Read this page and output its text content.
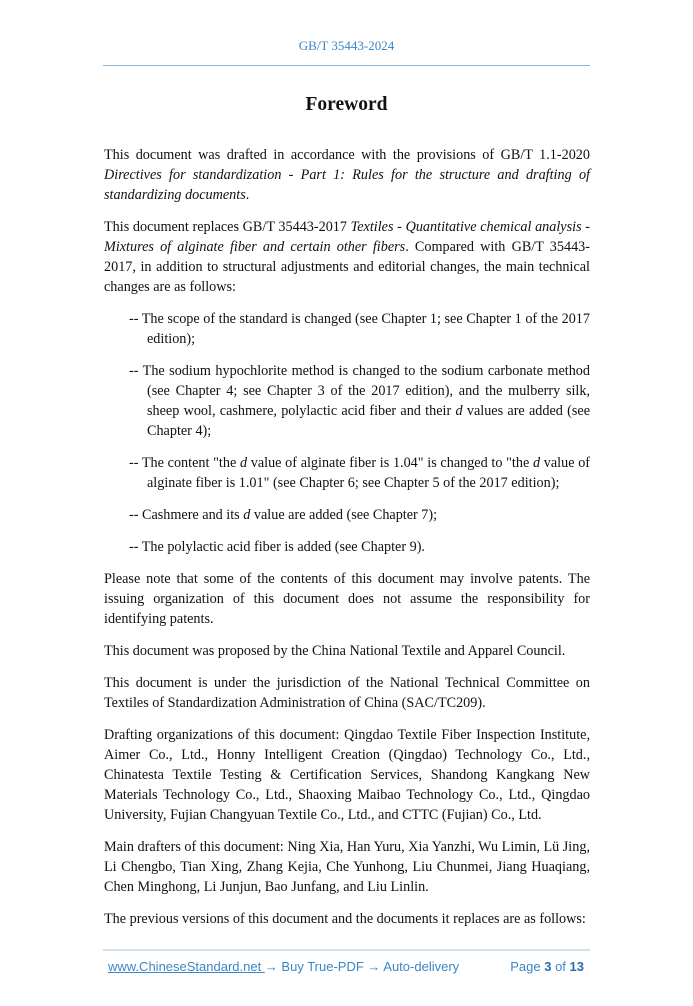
GB/T 35443-2024
Foreword

This document was drafted in accordance with the provisions of GB/T 1.1-2020 Directives for standardization - Part 1: Rules for the structure and drafting of standardizing documents.

This document replaces GB/T 35443-2017 Textiles - Quantitative chemical analysis - Mixtures of alginate fiber and certain other fibers. Compared with GB/T 35443-2017, in addition to structural adjustments and editorial changes, the main technical changes are as follows:

-- The scope of the standard is changed (see Chapter 1; see Chapter 1 of the 2017 edition);

-- The sodium hypochlorite method is changed to the sodium carbonate method (see Chapter 4; see Chapter 3 of the 2017 edition), and the mulberry silk, sheep wool, cashmere, polylactic acid fiber and their d values are added (see Chapter 4);

-- The content "the d value of alginate fiber is 1.04" is changed to "the d value of alginate fiber is 1.01" (see Chapter 6; see Chapter 5 of the 2017 edition);

-- Cashmere and its d value are added (see Chapter 7);

-- The polylactic acid fiber is added (see Chapter 9).

Please note that some of the contents of this document may involve patents. The issuing organization of this document does not assume the responsibility for identifying patents.

This document was proposed by the China National Textile and Apparel Council.

This document is under the jurisdiction of the National Technical Committee on Textiles of Standardization Administration of China (SAC/TC209).

Drafting organizations of this document: Qingdao Textile Fiber Inspection Institute, Aimer Co., Ltd., Honny Intelligent Creation (Qingdao) Technology Co., Ltd., Chinatesta Textile Testing & Certification Services, Shandong Kangkang New Materials Technology Co., Ltd., Shaoxing Maibao Technology Co., Ltd., Qingdao University, Fujian Changyuan Textile Co., Ltd., and CTTC (Fujian) Co., Ltd.

Main drafters of this document: Ning Xia, Han Yuru, Xia Yanzhi, Wu Limin, Lü Jing, Li Chengbo, Tian Xing, Zhang Kejia, Che Yunhong, Liu Chunmei, Jiang Huaqiang, Chen Minghong, Li Junjun, Bao Junfang, and Liu Linlin.

The previous versions of this document and the documents it replaces are as follows:

www.ChineseStandard.net → Buy True-PDF → Auto-delivery	Page 3 of 13
